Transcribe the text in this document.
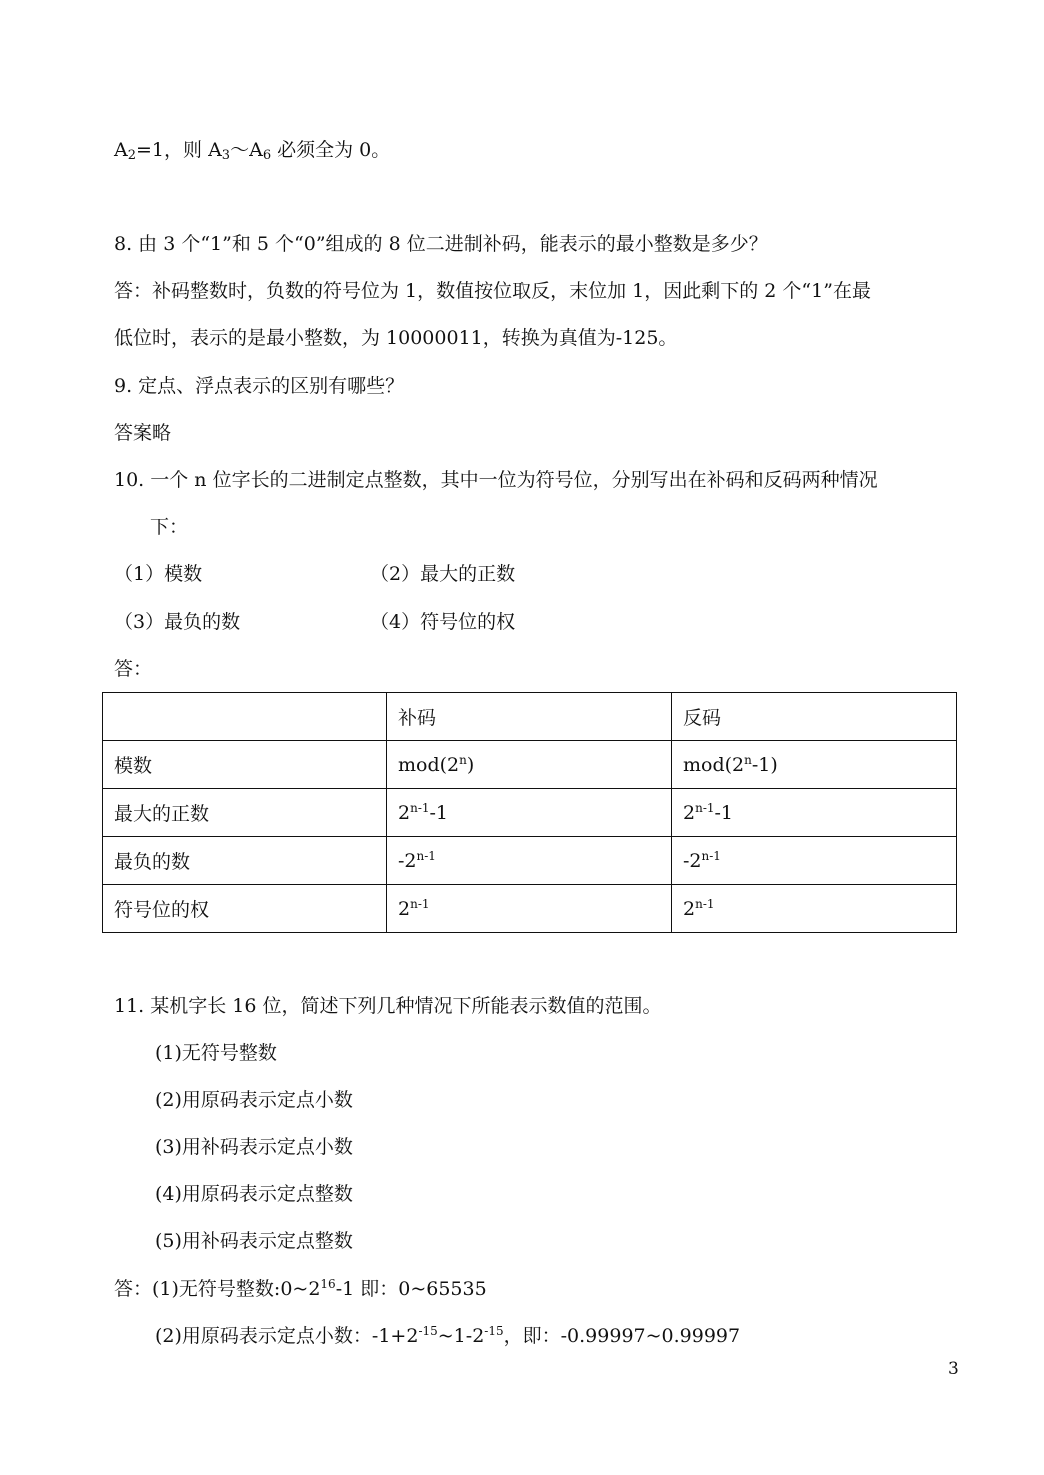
$A_2=1$，则 $A_3\sim A_6$ 必须全为 0。
8. 由 3 个“1”和 5 个“0”组成的 8 位二进制补码，能表示的最小整数是多少？
答：补码整数时，负数的符号位为 1，数值按位取反，末位加 1，因此剩下的 2 个“1”在最
低位时，表示的是最小整数，为 10000011，转换为真值为-125。
9. 定点、浮点表示的区别有哪些？
答案略
10. 一个 n 位字长的二进制定点整数，其中一位为符号位，分别写出在补码和反码两种情况
下：
（1）模数	（2）最大的正数
（3）最负的数	（4）符号位的权
答：
	补码	反码
模数	mod(2$^n$)	mod(2$^n$-1)
最大的正数	2$^{n-1}$-1	2$^{n-1}$-1
最负的数	-2$^{n-1}$	-2$^{n-1}$
符号位的权	2$^{n-1}$	2$^{n-1}$
11. 某机字长 16 位，简述下列几种情况下所能表示数值的范围。
(1)无符号整数
(2)用原码表示定点小数
(3)用补码表示定点小数
(4)用原码表示定点整数
(5)用补码表示定点整数
答：(1)无符号整数$:0\sim 2^{16}-1$ 即：0~65535
(2)用原码表示定点小数：$-1+2^{-15}\sim 1-2^{-15}$，即：-0.99997~0.99997
3
